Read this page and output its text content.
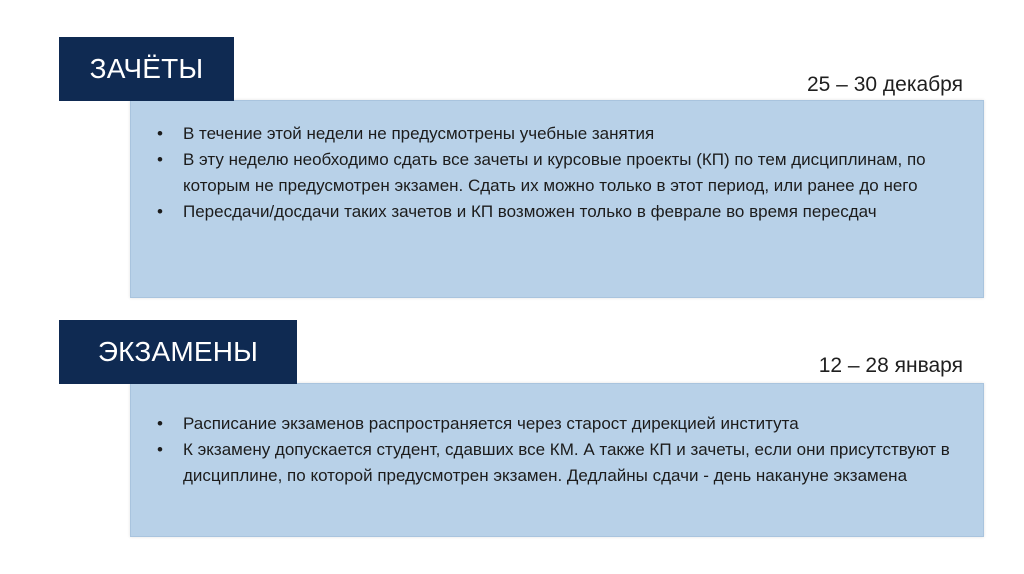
• В течение этой недели не предусмотрены учебные занятия
• В эту неделю необходимо сдать все зачеты и курсовые проекты (КП) по тем дисциплинам, по которым не предусмотрен экзамен. Сдать их можно только в этот период, или ранее до него
• Пересдачи/досдачи таких зачетов и КП возможен только в феврале во время пересдач
ЗАЧЁТЫ
25 – 30 декабря
• Расписание экзаменов распространяется через старост дирекцией института
• К экзамену допускается студент, сдавших все КМ. А также КП и зачеты, если они присутствуют в дисциплине, по которой предусмотрен экзамен. Дедлайны сдачи - день накануне экзамена
ЭКЗАМЕНЫ	12 – 28 января
